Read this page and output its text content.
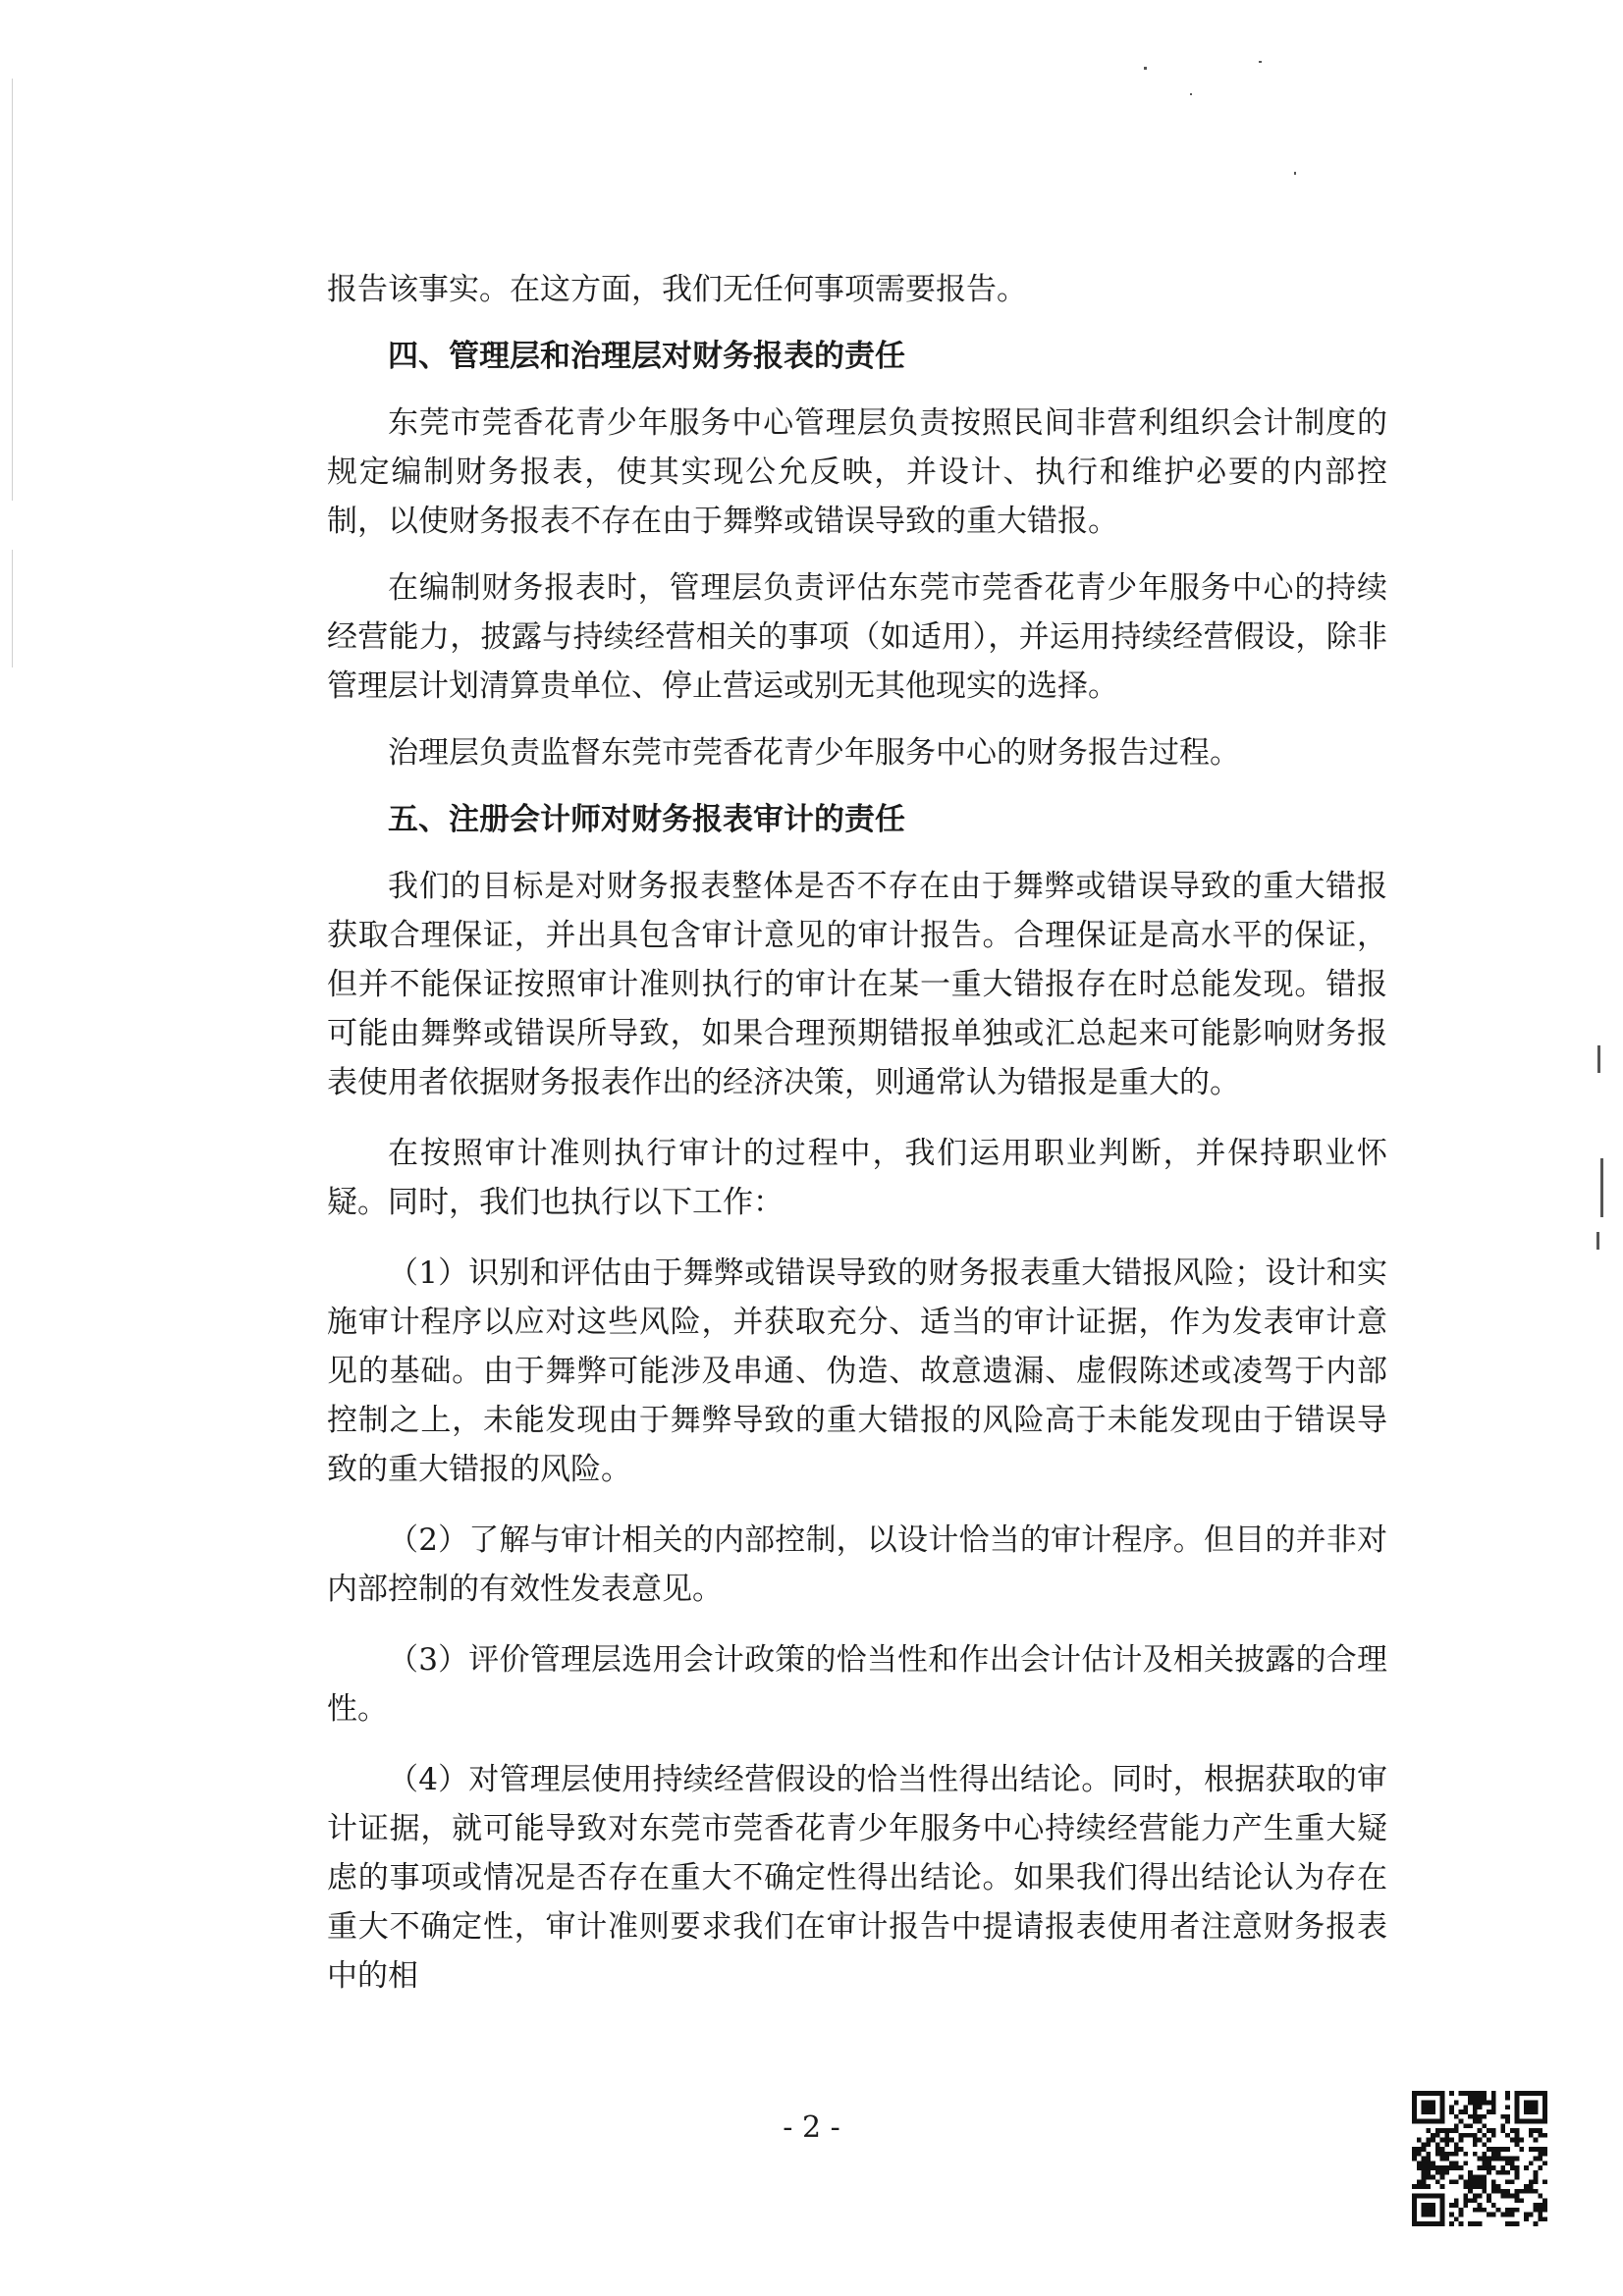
报告该事实。在这方面，我们无任何事项需要报告。

四、管理层和治理层对财务报表的责任

东莞市莞香花青少年服务中心管理层负责按照民间非营利组织会计制度的规定编制财务报表，使其实现公允反映，并设计、执行和维护必要的内部控制，以使财务报表不存在由于舞弊或错误导致的重大错报。

在编制财务报表时，管理层负责评估东莞市莞香花青少年服务中心的持续经营能力，披露与持续经营相关的事项（如适用），并运用持续经营假设，除非管理层计划清算贵单位、停止营运或别无其他现实的选择。

治理层负责监督东莞市莞香花青少年服务中心的财务报告过程。

五、注册会计师对财务报表审计的责任

我们的目标是对财务报表整体是否不存在由于舞弊或错误导致的重大错报获取合理保证，并出具包含审计意见的审计报告。合理保证是高水平的保证，但并不能保证按照审计准则执行的审计在某一重大错报存在时总能发现。错报可能由舞弊或错误所导致，如果合理预期错报单独或汇总起来可能影响财务报表使用者依据财务报表作出的经济决策，则通常认为错报是重大的。

在按照审计准则执行审计的过程中，我们运用职业判断，并保持职业怀疑。同时，我们也执行以下工作：

（1）识别和评估由于舞弊或错误导致的财务报表重大错报风险；设计和实施审计程序以应对这些风险，并获取充分、适当的审计证据，作为发表审计意见的基础。由于舞弊可能涉及串通、伪造、故意遗漏、虚假陈述或凌驾于内部控制之上，未能发现由于舞弊导致的重大错报的风险高于未能发现由于错误导致的重大错报的风险。

（2）了解与审计相关的内部控制，以设计恰当的审计程序。但目的并非对内部控制的有效性发表意见。

（3）评价管理层选用会计政策的恰当性和作出会计估计及相关披露的合理性。

（4）对管理层使用持续经营假设的恰当性得出结论。同时，根据获取的审计证据，就可能导致对东莞市莞香花青少年服务中心持续经营能力产生重大疑虑的事项或情况是否存在重大不确定性得出结论。如果我们得出结论认为存在重大不确定性，审计准则要求我们在审计报告中提请报表使用者注意财务报表中的相

- 2 -
